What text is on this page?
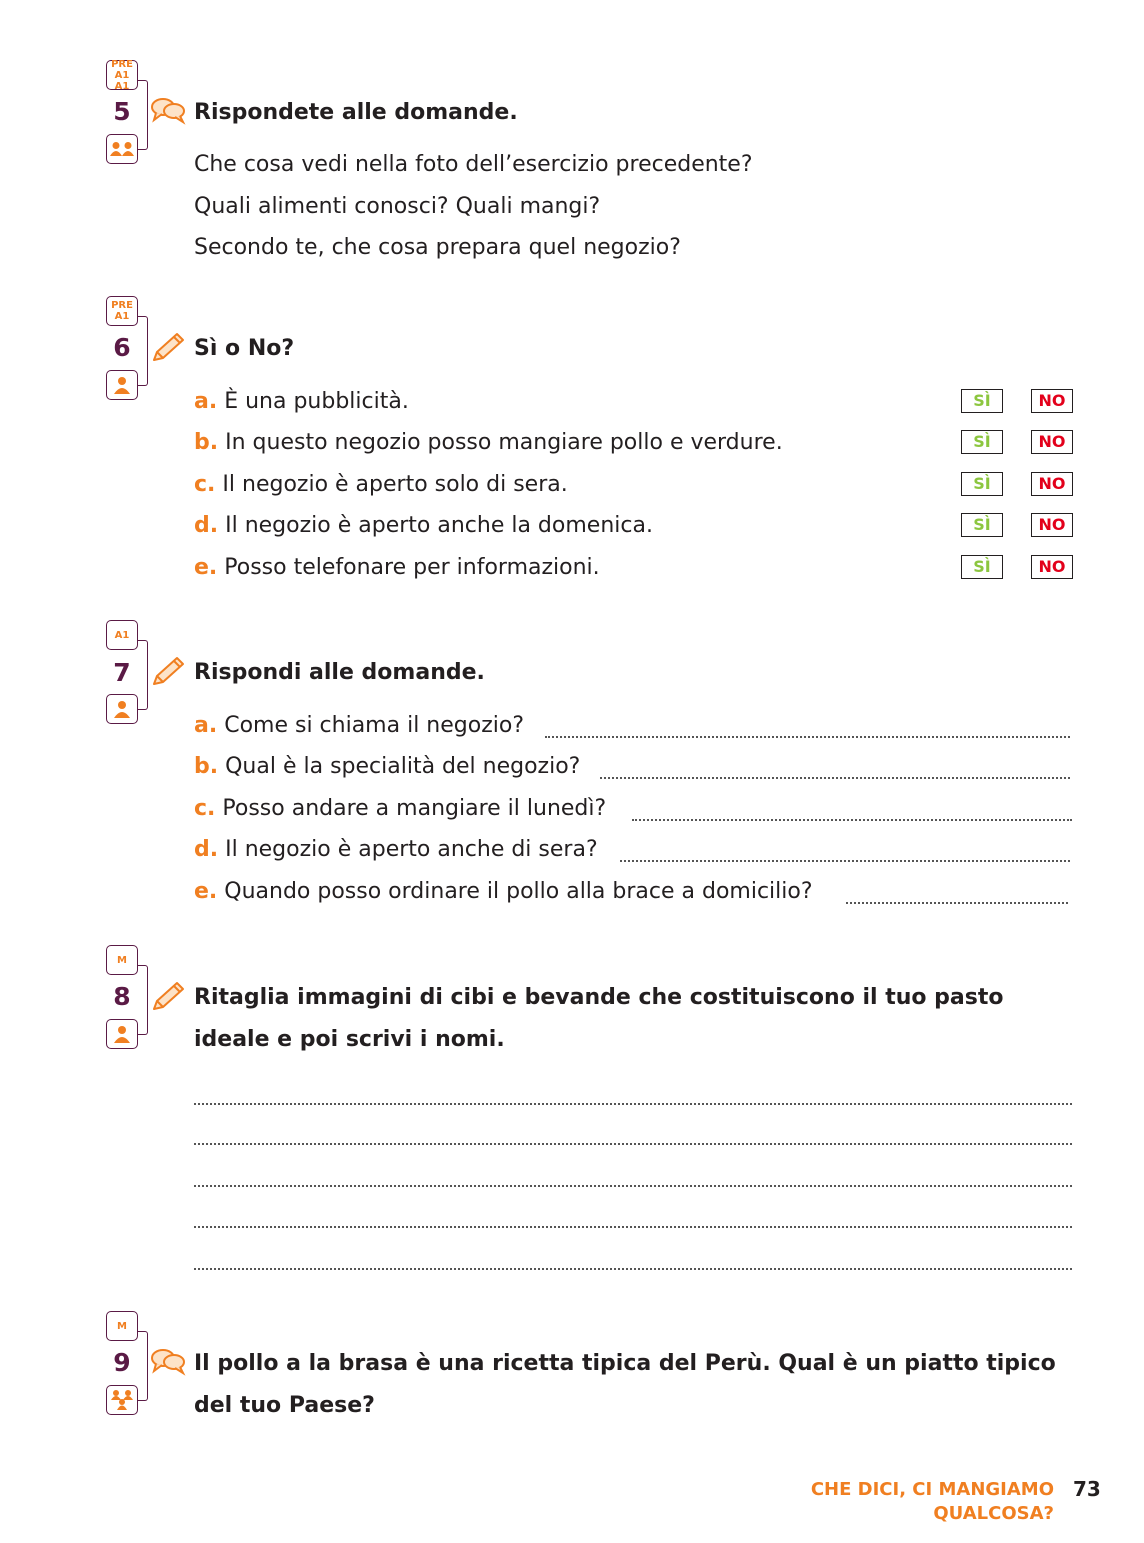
PRE A1 A1
5	Rispondete alle domande.
Che cosa vedi nella foto dell’esercizio precedente?
Quali alimenti conosci? Quali mangi?
Secondo te, che cosa prepara quel negozio?
PRE A1
6	Sì o No?
a. È una pubblicità.	SÌ	NO
b. In questo negozio posso mangiare pollo e verdure.	SÌ	NO
c. Il negozio è aperto solo di sera.	SÌ	NO
d. Il negozio è aperto anche la domenica.	SÌ	NO
e. Posso telefonare per informazioni.	SÌ	NO
A1
7	Rispondi alle domande.
a. Come si chiama il negozio?
b. Qual è la specialità del negozio?
c. Posso andare a mangiare il lunedì?
d. Il negozio è aperto anche di sera?
e. Quando posso ordinare il pollo alla brace a domicilio?
M
8	Ritaglia immagini di cibi e bevande che costituiscono il tuo pasto
ideale e poi scrivi i nomi.
M
9	Il pollo a la brasa è una ricetta tipica del Perù. Qual è un piatto tipico
del tuo Paese?
CHE DICI, CI MANGIAMO QUALCOSA?
73
